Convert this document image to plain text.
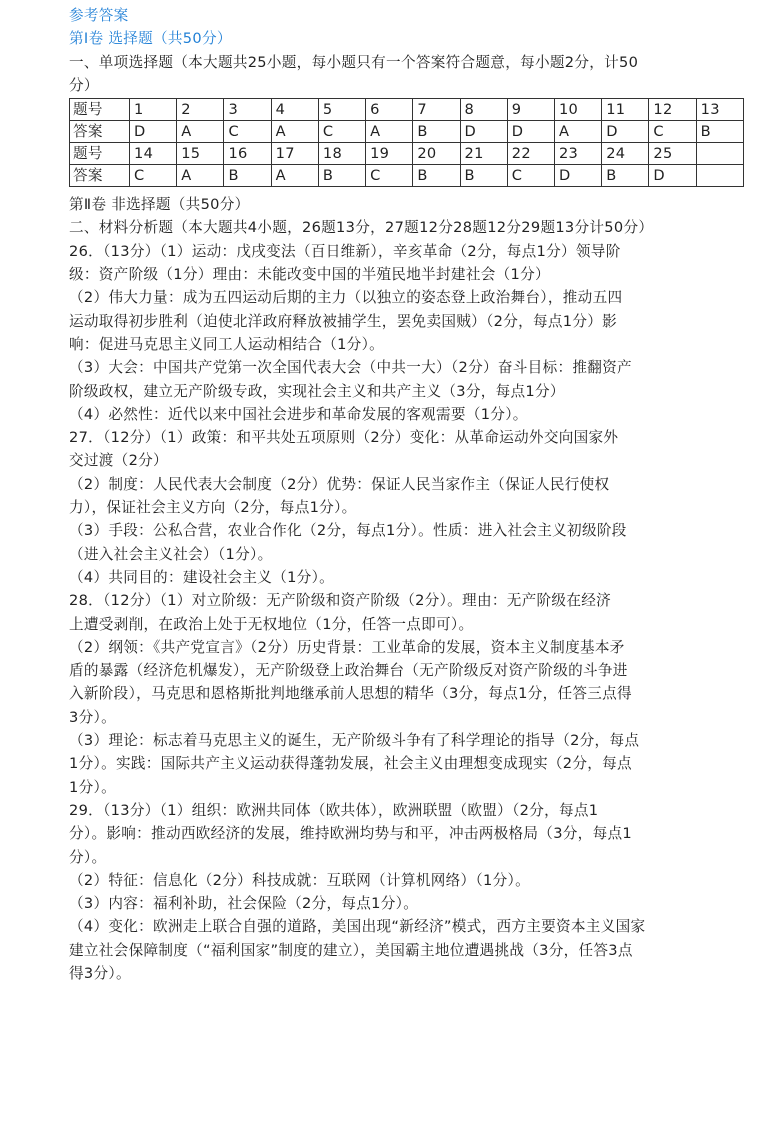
参考答案
第Ⅰ卷 选择题（共50分）
一、单项选择题（本大题共25小题，每小题只有一个答案符合题意，每小题2分，计50
分）
题号	1	2	3	4	5	6	7	8	9	10	11	12	13
答案	D	A	C	A	C	A	B	D	D	A	D	C	B
题号	14	15	16	17	18	19	20	21	22	23	24	25	
答案	C	A	B	A	B	C	B	B	C	D	B	D	
第Ⅱ卷 非选择题（共50分）
二、材料分析题（本大题共4小题，26题13分，27题12分28题12分29题13分计50分）
26．（13分）（1）运动：戊戌变法（百日维新），辛亥革命（2分，每点1分）领导阶
级：资产阶级（1分）理由：未能改变中国的半殖民地半封建社会（1分）
（2）伟大力量：成为五四运动后期的主力（以独立的姿态登上政治舞台），推动五四
运动取得初步胜利（迫使北洋政府释放被捕学生，罢免卖国贼）（2分，每点1分）影
响：促进马克思主义同工人运动相结合（1分）。
（3）大会：中国共产党第一次全国代表大会（中共一大）（2分）奋斗目标：推翻资产
阶级政权，建立无产阶级专政，实现社会主义和共产主义（3分，每点1分）
（4）必然性：近代以来中国社会进步和革命发展的客观需要（1分）。
27．（12分）（1）政策：和平共处五项原则（2分）变化：从革命运动外交向国家外
交过渡（2分）
（2）制度：人民代表大会制度（2分）优势：保证人民当家作主（保证人民行使权
力），保证社会主义方向（2分，每点1分）。
（3）手段：公私合营，农业合作化（2分，每点1分）。性质：进入社会主义初级阶段
（进入社会主义社会）（1分）。
（4）共同目的：建设社会主义（1分）。
28．（12分）（1）对立阶级：无产阶级和资产阶级（2分）。理由：无产阶级在经济
上遭受剥削，在政治上处于无权地位（1分，任答一点即可）。
（2）纲领：《共产党宣言》（2分）历史背景：工业革命的发展，资本主义制度基本矛
盾的暴露（经济危机爆发），无产阶级登上政治舞台（无产阶级反对资产阶级的斗争进
入新阶段），马克思和恩格斯批判地继承前人思想的精华（3分，每点1分，任答三点得
3分）。
（3）理论：标志着马克思主义的诞生，无产阶级斗争有了科学理论的指导（2分，每点
1分）。实践：国际共产主义运动获得蓬勃发展，社会主义由理想变成现实（2分，每点
1分）。
29．（13分）（1）组织：欧洲共同体（欧共体），欧洲联盟（欧盟）（2分，每点1
分）。影响：推动西欧经济的发展，维持欧洲均势与和平，冲击两极格局（3分，每点1
分）。
（2）特征：信息化（2分）科技成就：互联网（计算机网络）（1分）。
（3）内容：福利补助，社会保险（2分，每点1分）。
（4）变化：欧洲走上联合自强的道路，美国出现“新经济”模式，西方主要资本主义国家
建立社会保障制度（“福利国家”制度的建立），美国霸主地位遭遇挑战（3分，任答3点
得3分）。
